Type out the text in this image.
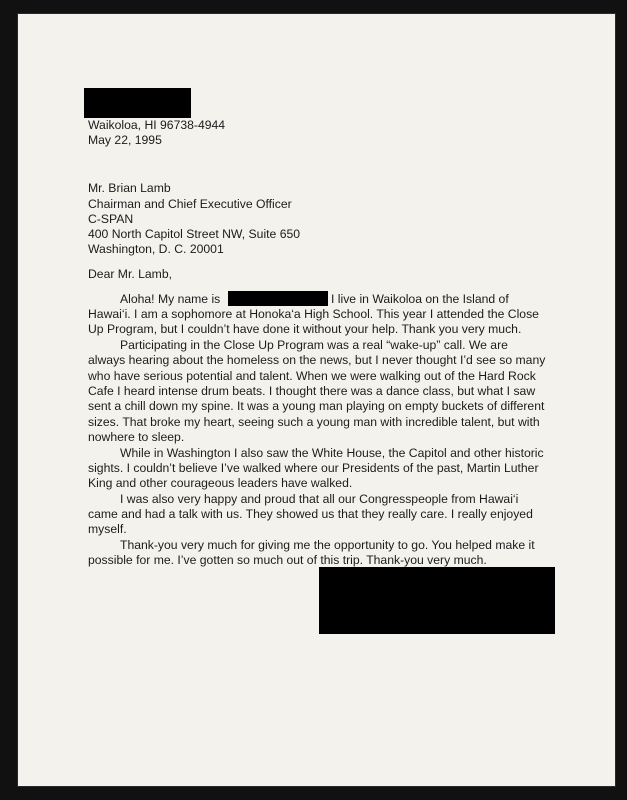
Waikoloa, HI 96738-4944
May 22, 1995
Mr. Brian Lamb
Chairman and Chief Executive Officer
C-SPAN
400 North Capitol Street NW, Suite 650
Washington, D. C. 20001
Dear Mr. Lamb,
Aloha! My name is	I live in Waikoloa on the Island of
Hawai‘i. I am a sophomore at Honoka‘a High School. This year I attended the Close
Up Program, but I couldn’t have done it without your help. Thank you very much.
Participating in the Close Up Program was a real “wake-up” call. We are
always hearing about the homeless on the news, but I never thought I’d see so many
who have serious potential and talent. When we were walking out of the Hard Rock
Cafe I heard intense drum beats. I thought there was a dance class, but what I saw
sent a chill down my spine. It was a young man playing on empty buckets of different
sizes. That broke my heart, seeing such a young man with incredible talent, but with
nowhere to sleep.
While in Washington I also saw the White House, the Capitol and other historic
sights. I couldn’t believe I’ve walked where our Presidents of the past, Martin Luther
King and other courageous leaders have walked.
I was also very happy and proud that all our Congresspeople from Hawai‘i
came and had a talk with us. They showed us that they really care. I really enjoyed
myself.
Thank-you very much for giving me the opportunity to go. You helped make it
possible for me. I’ve gotten so much out of this trip. Thank-you very much.
